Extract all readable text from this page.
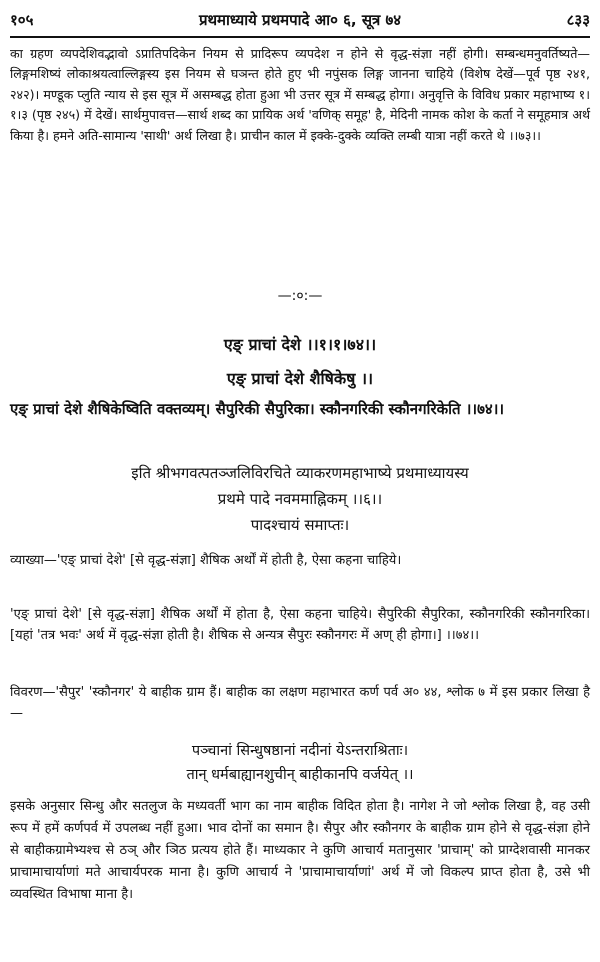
१०५	प्रथमाध्याये प्रथमपादे आ० ६, सूत्र ७४	८३३

का ग्रहण व्यपदेशिवद्भावो ऽप्रातिपदिकेन नियम से प्रादिरूप व्यपदेश न होने से वृद्ध-संज्ञा नहीं होगी। सम्बन्धमनुवर्तिष्यते—लिङ्गमशिष्यं लोकाश्रयत्वाल्लिङ्गस्य इस नियम से घञन्त होते हुए भी नपुंसक लिङ्ग जानना चाहिये (विशेष देखें—पूर्व पृष्ठ २४१, २४२)। मण्डूक प्लुति न्याय से इस सूत्र में असम्बद्ध होता हुआ भी उत्तर सूत्र में सम्बद्ध होगा। अनुवृत्ति के विविध प्रकार महाभाष्य १।१।३ (पृष्ठ २४५) में देखें। सार्थमुपावत्त—सार्थ शब्द का प्रायिक अर्थ 'वणिक् समूह' है, मेदिनी नामक कोश के कर्ता ने समूहमात्र अर्थ किया है। हमने अति-सामान्य 'साथी' अर्थ लिखा है। प्राचीन काल में इक्के-दुक्के व्यक्ति लम्बी यात्रा नहीं करते थे ।।७३।।

—:०:—

एङ् प्राचां देशे ।।१।१।७४।।

एङ् प्राचां देशे शैषिकेषु ।।

एङ् प्राचां देशे शैषिकेष्विति वक्तव्यम्। सैपुरिकी सैपुरिका। स्कौनगरिकी स्कौनगरिकेति ।।७४।।

इति श्रीभगवत्पतञ्जलिविरचिते व्याकरणमहाभाष्ये प्रथमाध्यायस्य

प्रथमे पादे नवममाह्निकम् ।।६।।

पादश्चायं समाप्तः।

व्याख्या—'एङ् प्राचां देशे' [से वृद्ध-संज्ञा] शैषिक अर्थों में होती है, ऐसा कहना चाहिये।

'एङ् प्राचां देशे' [से वृद्ध-संज्ञा] शैषिक अर्थों में होता है, ऐसा कहना चाहिये। सैपुरिकी सैपुरिका, स्कौनगरिकी स्कौनगरिका। [यहां 'तत्र भवः' अर्थ में वृद्ध-संज्ञा होती है। शैषिक से अन्यत्र सैपुरः स्कौनगरः में अण् ही होगा।] ।।७४।।

विवरण—'सैपुर' 'स्कौनगर' ये बाहीक ग्राम हैं। बाहीक का लक्षण महाभारत कर्ण पर्व अ० ४४, श्लोक ७ में इस प्रकार लिखा है—

पञ्चानां सिन्धुषष्ठानां नदीनां येऽन्तराश्रिताः।

तान् धर्मबाह्यानशुचीन् बाहीकानपि वर्जयेत् ।।

इसके अनुसार सिन्धु और सतलुज के मध्यवर्ती भाग का नाम बाहीक विदित होता है। नागेश ने जो श्लोक लिखा है, वह उसी रूप में हमें कर्णपर्व में उपलब्ध नहीं हुआ। भाव दोनों का समान है। सैपुर और स्कौनगर के बाहीक ग्राम होने से वृद्ध-संज्ञा होने से बाहीकग्रामेभ्यश्च से ठञ् और ञिठ प्रत्यय होते हैं। माध्यकार ने कुणि आचार्य मतानुसार 'प्राचाम्' को प्राग्देशवासी मानकर प्राचामाचार्याणां मते आचार्यपरक माना है। कुणि आचार्य ने 'प्राचामाचार्याणां' अर्थ में जो विकल्प प्राप्त होता है, उसे भी व्यवस्थित विभाषा माना है।
